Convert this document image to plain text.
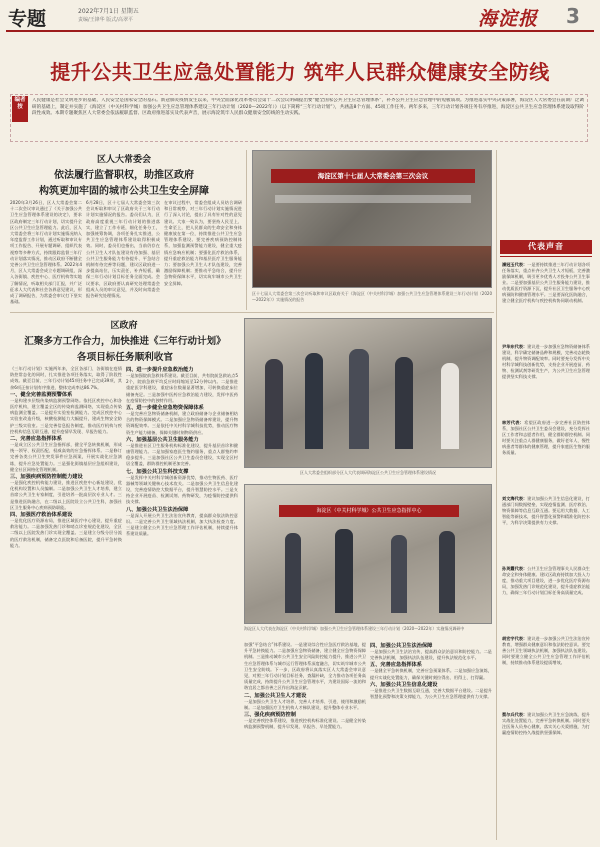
专题	2022年7月1日 星期五
责编/王锋华 版式/高翠平	海淀报 3
提升公共卫生应急处置能力 筑牢人民群众健康安全防线
编者按
人民健康是社会文明进步的基础，人民安全是国家安全的基石。新冠肺炎疫情发生以来，中央全面深化改革委员会第十二次会议明确提出要“健全国家公共卫生应急管理体系”，补齐公共卫生应急管理中的短板弱项。为推进落实中央决策部署，海淀区人大常委会在前期广泛调研的基础上，制定并实施了《海淀区（中关村科学城）加强公共卫生应急管理体系建设三年行动计划（2020—2022年）》（以下简称“三年行动计划”），共涵盖8个方面、45项工作任务。两年多来，三年行动计划各项任务有序推进，海淀区公共卫生应急管理体系建设取得阶段性成效。本期专题聚焦区人大常委会依法履职监督、区政府推进落实及代表声音，展示海淀筑牢人民群众健康安全防线的生动实践。
区人大常委会
依法履行监督职权，助推区政府
构筑更加牢固的城市公共卫生安全屏障
2020年3月26日，区人大常委会第二十二次会议审议通过了《关于加强公共卫生应急管理体系建设的决定》，要求区政府制定三年行动计划，切实提升全区公共卫生应急管理能力。此后，区人大常委会将三年行动计划实施情况纳入年度监督工作计划，通过听取和审议专项工作报告、开展专题调研、组织代表视察等多种方式，持续跟踪监督三年行动计划落实情况，推动区政府不断健全完善公共卫生应急管理体系。2022年4月，区人大常委会成立专题调研组，深入各街镇、疾控中心、医疗机构等实地了解情况，听取相关部门汇报，并广泛征求人大代表和社会各界意见建议，形成了调研报告，为常委会审议打下坚实基础。
6月28日，区十七届人大常委会第三次会议听取和审议了区政府关于三年行动计划实施情况的报告。委员们认为，区政府高度重视三年行动计划的推进落实，建立了工作专班，细化任务分工，加强统筹协调，各项任务扎实推进，公共卫生应急管理体系建设取得积极成效。同时，委员们也指出，当前仍存在公共卫生人才队伍建设有待加强、基层公共卫生服务能力有待提升、平急结合机制有待完善等问题，建议区政府进一步提高站位，压实责任，补齐短板，确保三年行动计划目标任务全面完成。会议要求，区政府要认真研究处理常委会组成人员的审议意见，并及时向常委会报告研究处理情况。
在审议过程中，常委会组成人员结合调研和日常观察，对三年行动计划实施情况进行了深入讨论，提出了具有针对性的意见建议。大家一致认为，要坚持人民至上、生命至上，把人民群众的生命安全和身体健康放在第一位，持续推进公共卫生应急管理体系建设。要完善疾病预防控制体系，加强监测预警能力建设，健全重大疫情应急响应机制；要强化医疗救治体系，提升重症救治能力和基层医疗卫生服务能力；要加强公共卫生人才队伍建设，完善激励保障机制；要推动平急结合，提升应急物资保障水平，切实筑牢城市公共卫生安全屏障。
海淀区第十七届人大常委会第三次会议
区十七届人大常委会第三次会议听取和审议区政府关于《海淀区（中关村科学城）加强公共卫生应急管理体系建设三年行动计划（2020—2022年）》实施情况的报告
区政府
汇聚多方工作合力，加快推进《三年行动计划》
各项目标任务顺利收官
《三年行动计划》实施两年来，全区各部门、各街镇在疫情防控常态化的同时，扎实推进各项任务落实，取得了阶段性成效。截至目前，三年行动计划45项任务中已完成39项，其余6项正按计划有序推进，整体完成率达86.7%。
一、健全完善监测预警体系
一是构建多层级传染病监测预警网络。依托区疾控中心和各医疗机构，建立覆盖全区的传染病监测网络，实现重点传染病监测全覆盖。二是提升实验室检测能力。完成区疾控中心实验室改造升级，核酸检测能力大幅提升，建成生物安全防护三级实验室。三是完善信息报告制度，推动医疗机构与疾控机构信息互联互通，提升疫情早发现、早报告能力。
二、完善应急指挥体系
一是成立区公共卫生应急指挥部，健全平急转换机制，形成统一领导、权责匹配、权威高效的应急指挥体系。二是修订完善各类公共卫生突发事件应急预案，开展实战化应急演练，提升应急处置能力。三是强化街镇基层应急组织建设，健全社区网格化管理机制。
三、加强疾病预防控制能力建设
一是强化疾控机构能力建设，推进区疾控中心新址建设，优化机构设置和人员编制。二是加强公共卫生人才培养，建立首席公共卫生专家制度，引进培养一批高层次专业人才。三是推进医防融合，在二级以上医院设立公共卫生科，加强社区卫生服务中心疾病预防职能。
四、加强医疗救治体系建设
一是优化医疗资源布局，推进区域医疗中心建设，提升重症救治能力。二是加强发热门诊和哨点诊室规范化建设，全区二级以上医院发热门诊实现全覆盖。三是建立分级分层分流的医疗救治机制，储备定点医院和后备医院，提升平急转换能力。
四、进一步提升应急救治能力
一是加强院前急救体系建设。截至目前，共有院前急救站点52个，院前急救平均反应时间缩短至12分钟以内。二是推进重症医学科建设，重症床位数量显著增加，可转换重症床位储备充足。三是加强中医药应急救治能力建设，发挥中医药在疫情防控中的独特作用。
五、进一步健全应急物资保障体系
一是完善应急物资储备机制，建立政府储备与企业储备相结合的物资保障模式。二是加强应急物资储备库建设，提升物资调配效率。三是依托中关村科学城科技优势，推动医疗物资生产能力储备，保障关键时刻物资供应。
六、加强基层公共卫生服务能力
一是推进社区卫生服务机构标准化建设，提升基层首诊和健康管理能力。二是加强家庭医生签约服务，重点人群签约率稳步提升。三是加强社区公共卫生委员会建设，实现全区村居全覆盖，群防群控机制更加完善。
七、加强公共卫生科技支撑
一是发挥中关村科学城创新资源优势，推动生物医药、医疗器械等领域关键核心技术攻关。二是加强公共卫生信息化建设，完善疫情防控大数据平台，提升智慧防控水平。三是支持企业开展疫苗、检测试剂、药物研发，为疫情防控提供科技支撑。
八、加强公共卫生法治保障
一是深入开展公共卫生法治宣传教育，提高群众依法防控意识。二是完善公共卫生领域执法机制，加大执法检查力度。三是建立健全公共卫生应急管理工作评估机制，持续提升体系建设质量。
区人大常委会组织部分区人大代表调研海淀区公共卫生应急管理体系建设情况
海淀区（中关村科学城）公共卫生应急指挥中心
海淀区人大代表在海淀区（中关村科学城）加强公共卫生应急管理体系建设三年行动计划（2020—2022年）实施情况调研中
加强“平急结合”体系建设。一是建设综合性应急医疗救治基地，提升平急转换能力。二是加强应急物资储备，建立健全应急物资保障机制。三是推动城市公共卫生安全风险防控能力提升，推进公共卫生应急管理体系与城市运行管理体系深度融合，切实筑牢城市公共卫生安全防线。下一步，区政府将认真落实区人大常委会审议意见，对照三年行动计划目标任务，查漏补缺，全力推动各项任务高质量完成，持续提升公共卫生应急管理水平，为建设国际一流的和谐宜居之都首善之区作出海淀贡献。
二、加强公共卫生人才建设
一是加强公共卫生人才培养，完善人才培养、引进、使用和激励机制。二是加强医疗卫生机构人才梯队建设，提升整体专业水平。
三、强化疾病预防控制
一是完善疾控体系建设，推进疾控机构标准化建设。二是健全传染病监测预警机制，提升早发现、早报告、早处置能力。
四、加强公共卫生法治保障
一是加强公共卫生法治宣传，提高群众法治意识和防控能力。二是完善执法机制，加强执法队伍建设，提升执法规范化水平。
五、完善应急指挥体系
一是健全平急转换机制，完善应急预案体系。二是加强应急演练，提升实战化处置能力，确保关键时刻拉得出、用得上、打得赢。
六、加强公共卫生信息化建设
一是推进公共卫生数据互联互通，完善大数据平台建设。二是提升智慧化预警和决策支撑能力，为公共卫生应急管理提供有力支撑。
代表声音
潘冠玉代表：一是要持续推进三年行动计划各项任务落实，重点补齐公共卫生人才短板，完善激励保障机制，吸引更多优秀人才投身公共卫生事业。二是要加强基层公共卫生服务能力建设，推动优质医疗资源下沉，提升社区卫生服务中心疾病预防和健康管理水平。三是要深化医防融合，建立健全医疗机构与疾控机构协同联动机制。
尹华东代表：建议进一步加强应急物资储备体系建设，科学确定储备品种和规模，完善动态轮换机制，提升物资调配效率。同时要充分发挥中关村科学城科技创新优势，支持企业开展疫苗、药物、检测试剂等研发生产，为公共卫生应急管理提供坚实科技支撑。
林芳代表：希望区政府进一步完善社区防控体系，加强社区公共卫生委员会建设，充分发挥社区工作者和志愿者作用，健全群防群控机制。同时要关注重点人群健康服务，做好老年人、慢性病患者等群体的健康管理，提升家庭医生签约服务质量。
刘文海代表：建议加强公共卫生信息化建设，打通部门间数据壁垒，实现疫情监测、医疗救治、物资保障等信息互联互通。要运用大数据、人工智能等新技术，提升智慧化预警和精准化防控水平，为科学决策提供有力支撑。
孙英霞代表：公共卫生应急管理事关人民群众生命安全和身体健康。建议区政府持续加大投入力度，推动重大项目建设，进一步优化医疗资源布局，加强发热门诊规范化建设，提升重症救治能力，确保三年行动计划目标任务高质量完成。
胡宏宇代表：建议进一步加强公共卫生法治宣传教育，增强群众健康意识和依法防控意识。要完善公共卫生领域执法机制，加强执法队伍建设。同时要建立健全公共卫生应急管理工作评估机制，持续推动体系建设提质增效。
蔡尔兵代表：建议加强公共卫生应急演练，提升实战化处置能力，完善平急转换机制。同时要关注医务人员身心健康，落实关心关爱措施，为打赢疫情防控持久战提供坚强保障。
